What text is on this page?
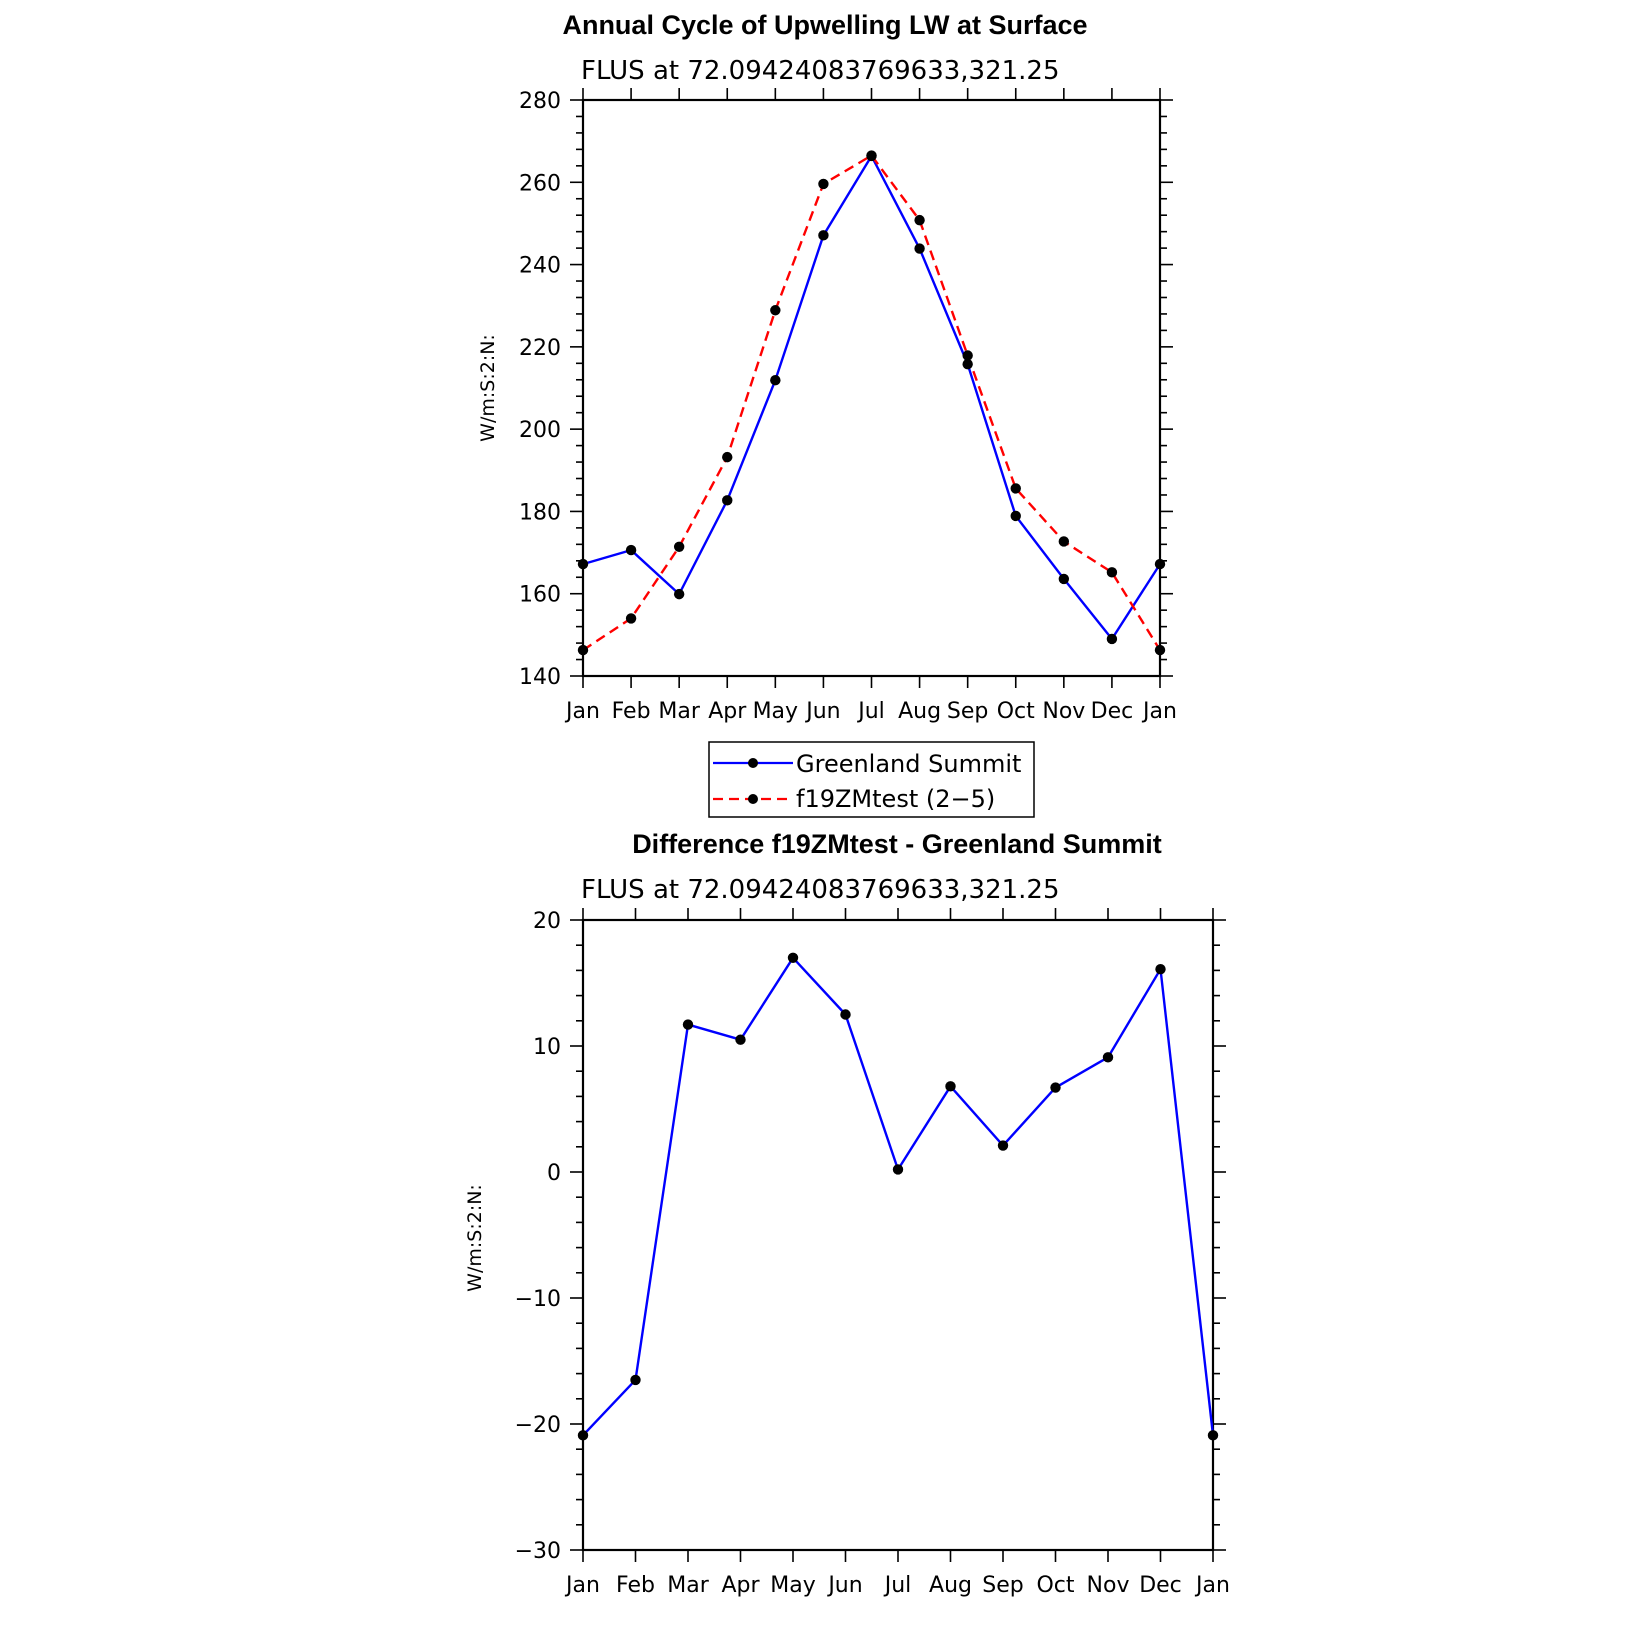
Annual Cycle of Upwelling LW at Surface
FLUS at 72.09424083769633,321.25
W/m:S:2:N:
140
160
180
200
220
240
260
280
Jan Feb Mar Apr May Jun Jul Aug Sep Oct Nov Dec Jan
Greenland Summit
f19ZMtest (2−5)
Difference f19ZMtest - Greenland Summit
FLUS at 72.09424083769633,321.25
W/m:S:2:N:
−30
−20
−10
0
10
20
Jan Feb Mar Apr May Jun Jul Aug Sep Oct Nov Dec Jan
